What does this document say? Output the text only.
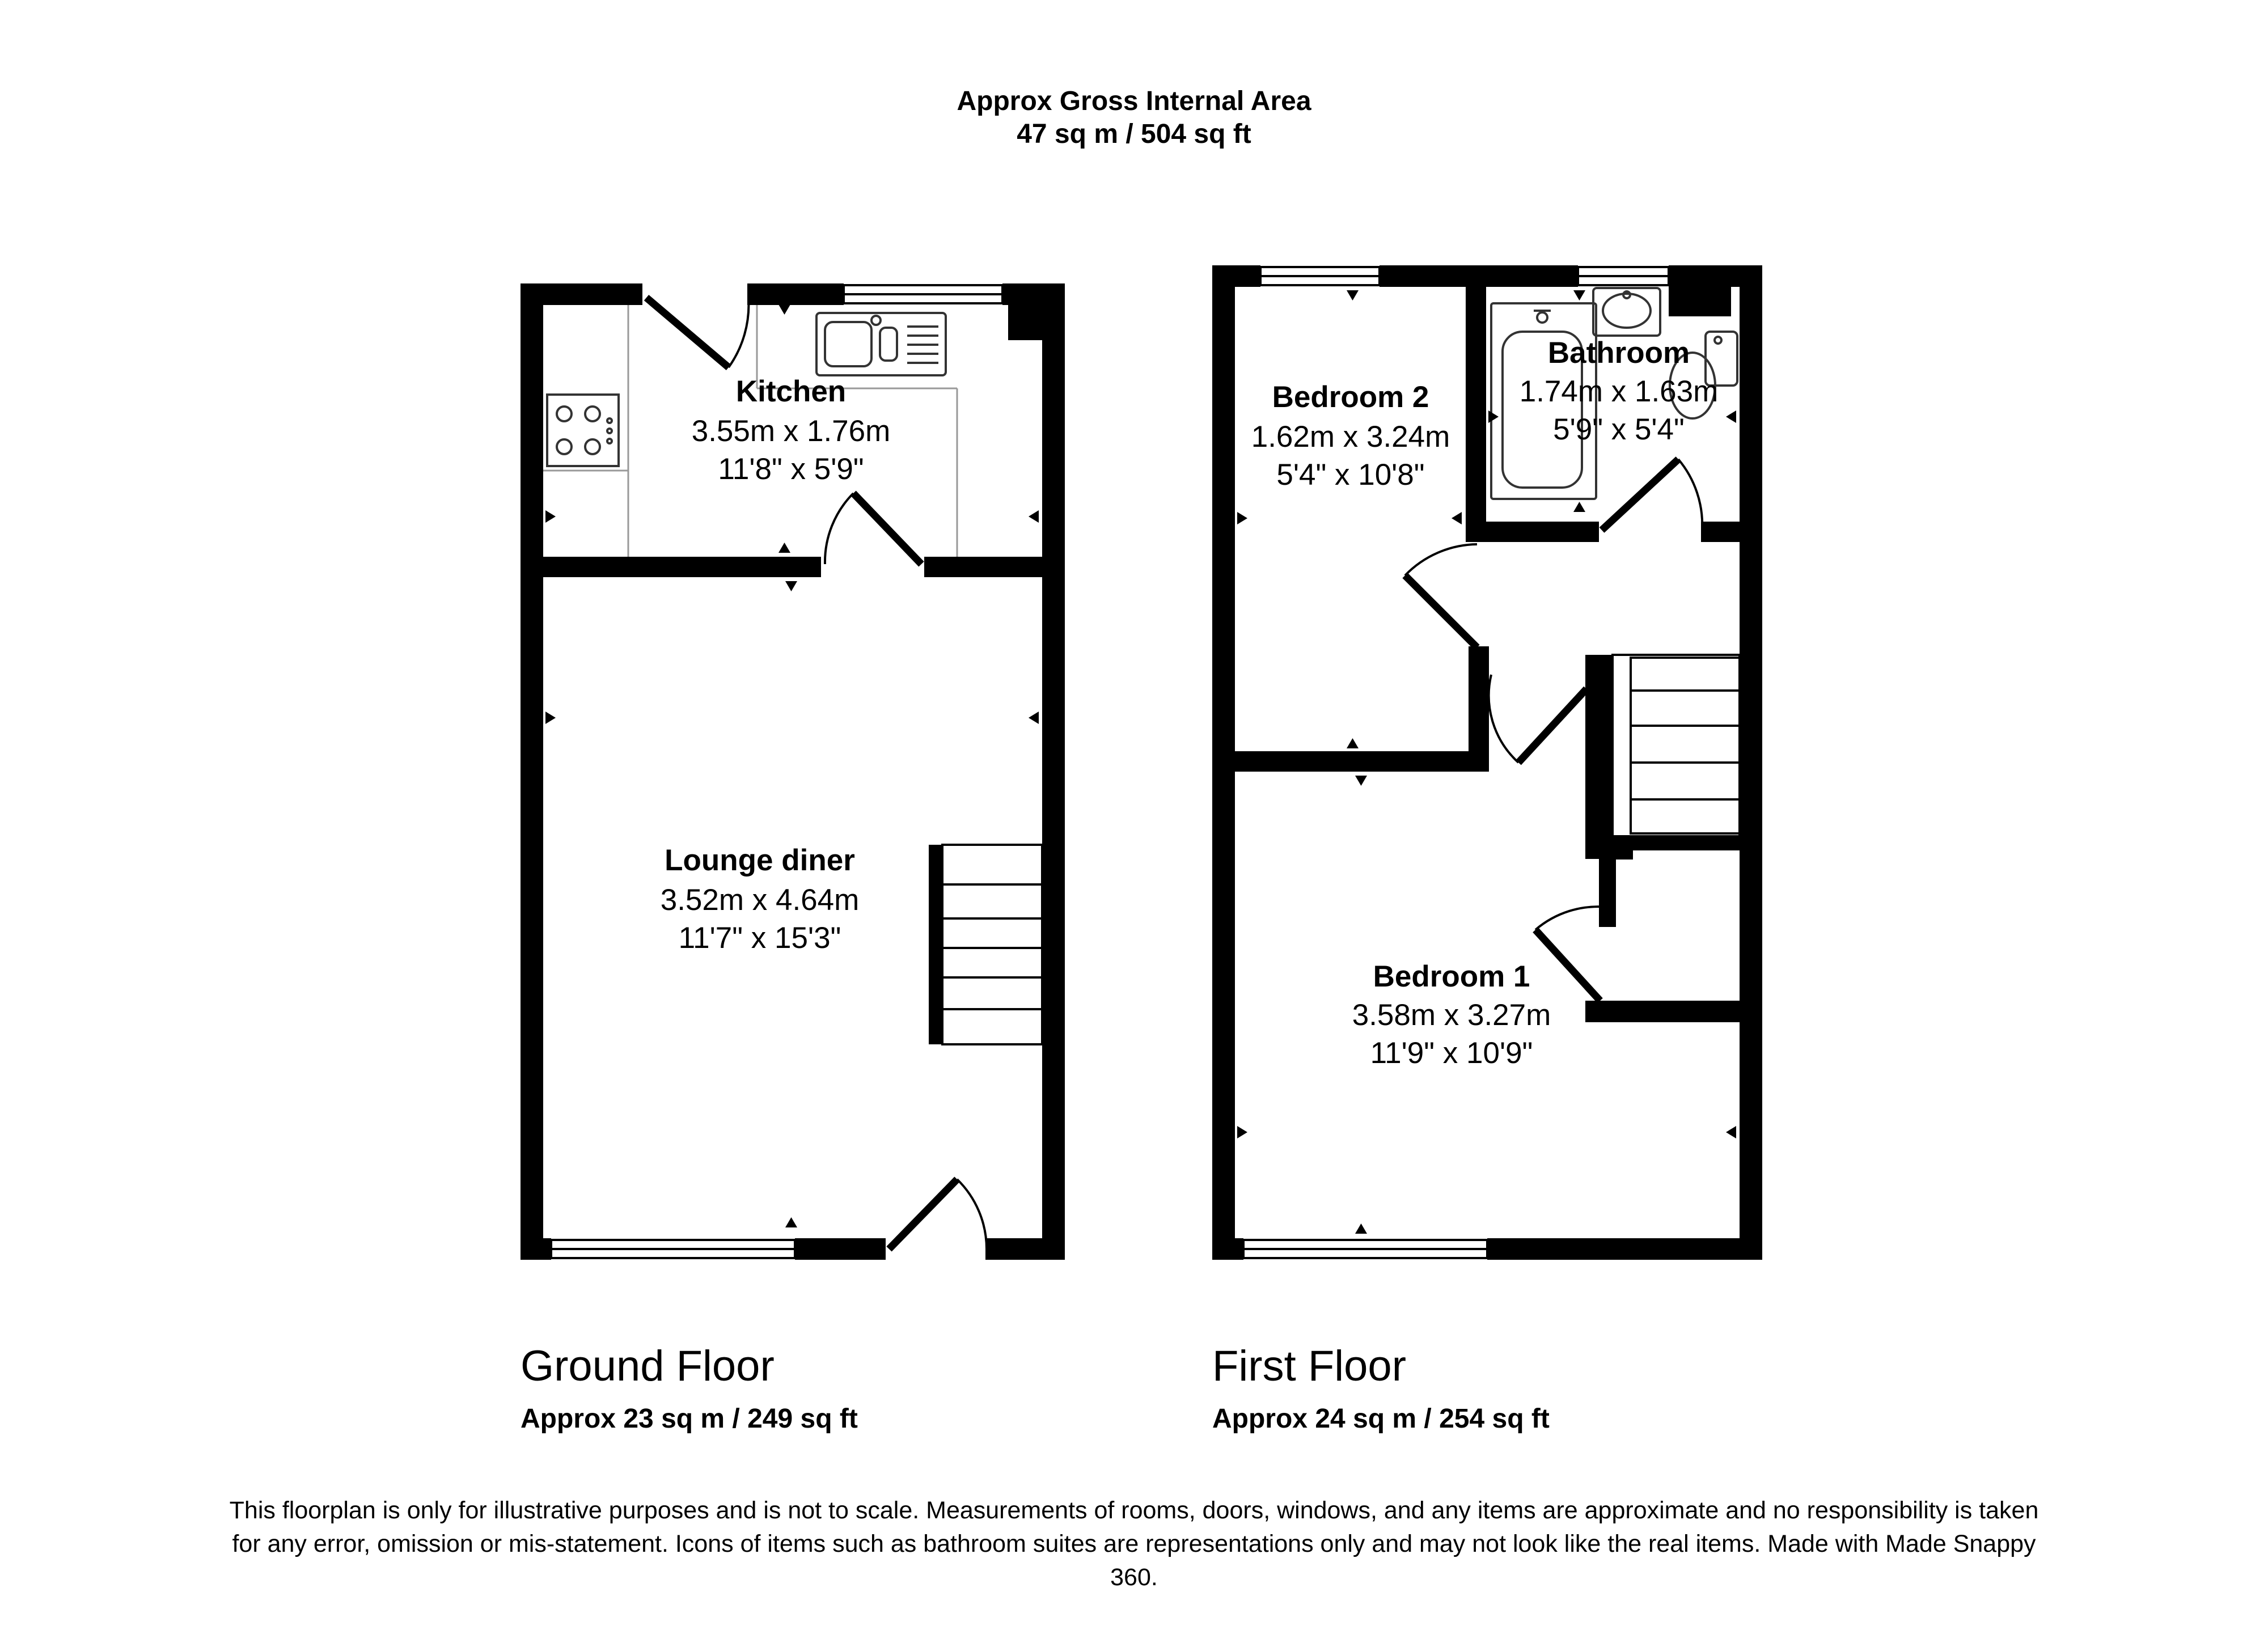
Approx Gross Internal Area
47 sq m / 504 sq ft
Kitchen
3.55m x 1.76m
11'8" x 5'9"
Lounge diner
3.52m x 4.64m
11'7" x 15'3"
Bedroom 2
1.62m x 3.24m
5'4" x 10'8"
Bathroom
1.74m x 1.63m
5'9" x 5'4"
Bedroom 1
3.58m x 3.27m
11'9" x 10'9"
Ground Floor
Approx 23 sq m / 249 sq ft
First Floor
Approx 24 sq m / 254 sq ft
This floorplan is only for illustrative purposes and is not to scale. Measurements of rooms, doors, windows, and any items are approximate and no responsibility is taken for any error, omission or mis-statement. Icons of items such as bathroom suites are representations only and may not look like the real items. Made with Made Snappy 360.
